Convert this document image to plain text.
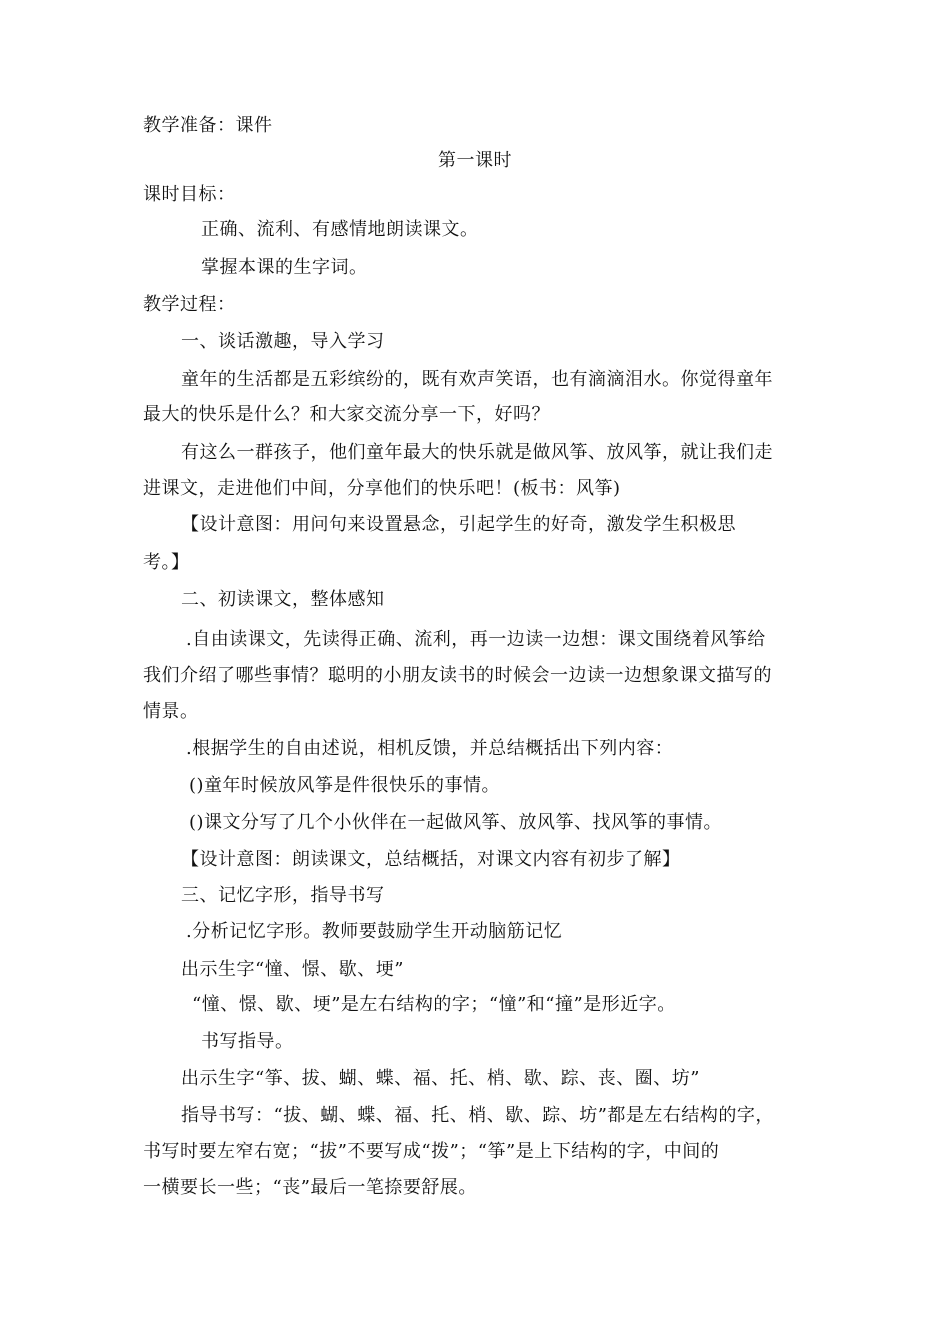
教学准备：课件
第一课时
课时目标：
正确、流利、有感情地朗读课文。
掌握本课的生字词。
教学过程：
一、谈话激趣，导入学习
童年的生活都是五彩缤纷的，既有欢声笑语，也有滴滴泪水。你觉得童年
最大的快乐是什么？和大家交流分享一下，好吗？
有这么一群孩子，他们童年最大的快乐就是做风筝、放风筝，就让我们走
进课文，走进他们中间，分享他们的快乐吧！(板书：风筝)
【设计意图：用问句来设置悬念，引起学生的好奇，激发学生积极思
考。】
二、初读课文，整体感知
.自由读课文，先读得正确、流利，再一边读一边想：课文围绕着风筝给
我们介绍了哪些事情？聪明的小朋友读书的时候会一边读一边想象课文描写的
情景。
.根据学生的自由述说，相机反馈，并总结概括出下列内容：
()童年时候放风筝是件很快乐的事情。
()课文分写了几个小伙伴在一起做风筝、放风筝、找风筝的事情。
【设计意图：朗读课文，总结概括，对课文内容有初步了解】
三、记忆字形，指导书写
.分析记忆字形。教师要鼓励学生开动脑筋记忆
出示生字“憧、憬、歇、埂”
“憧、憬、歇、埂”是左右结构的字；“憧”和“撞”是形近字。
书写指导。
出示生字“筝、拔、蝴、蝶、福、托、梢、歇、踪、丧、圈、坊”
指导书写：“拔、蝴、蝶、福、托、梢、歇、踪、坊”都是左右结构的字，
书写时要左窄右宽；“拔”不要写成“拨”；“筝”是上下结构的字，中间的
一横要长一些；“丧”最后一笔捺要舒展。
